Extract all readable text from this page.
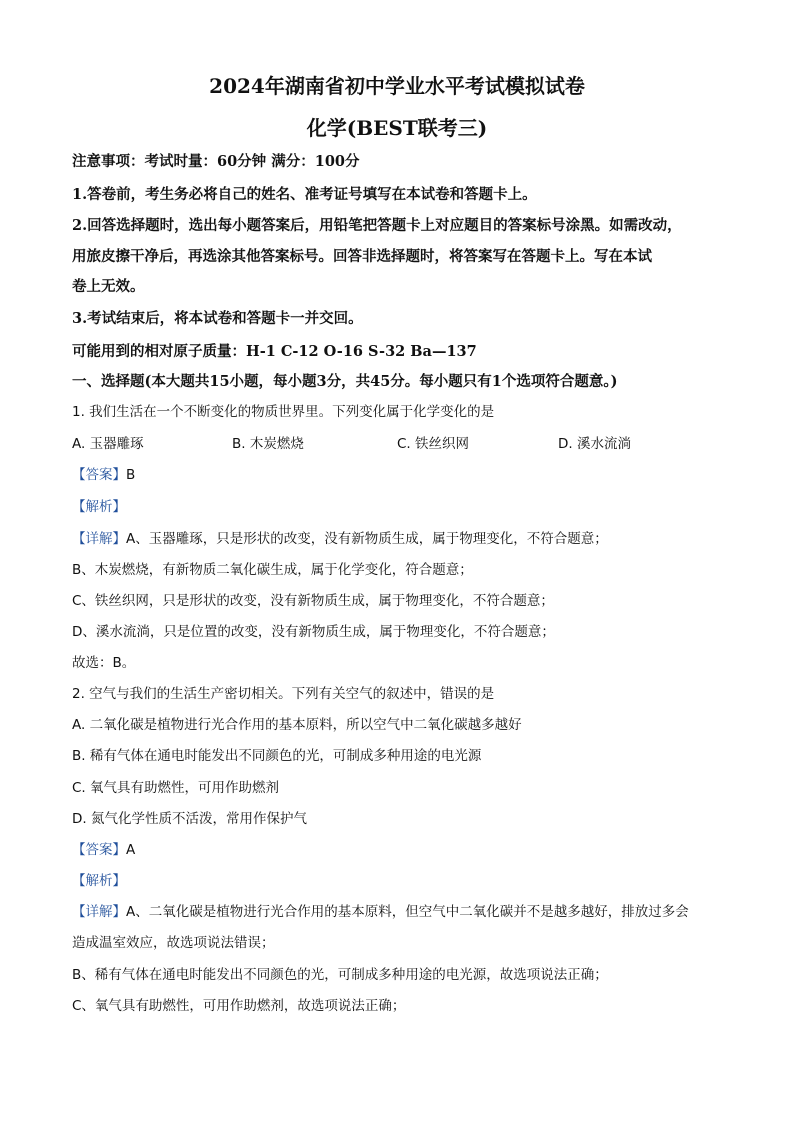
2024年湖南省初中学业水平考试模拟试卷
化学(BEST联考三)
注意事项：考试时量：60分钟 满分：100分
1.答卷前，考生务必将自己的姓名、准考证号填写在本试卷和答题卡上。
2.回答选择题时，选出每小题答案后，用铅笔把答题卡上对应题目的答案标号涂黑。如需改动，
用旅皮擦干净后，再选涂其他答案标号。回答非选择题时，将答案写在答题卡上。写在本试
卷上无效。
3.考试结束后，将本试卷和答题卡一并交回。
可能用到的相对原子质量：H-1 C-12 O-16 S-32 Ba—137
一、选择题(本大题共15小题，每小题3分，共45分。每小题只有1个选项符合题意。)
1. 我们生活在一个不断变化的物质世界里。下列变化属于化学变化的是
A. 玉器雕琢	B. 木炭燃烧	C. 铁丝织网	D. 溪水流淌
【答案】B
【解析】
【详解】A、玉器雕琢，只是形状的改变，没有新物质生成，属于物理变化，不符合题意；
B、木炭燃烧，有新物质二氧化碳生成，属于化学变化，符合题意；
C、铁丝织网，只是形状的改变，没有新物质生成，属于物理变化，不符合题意；
D、溪水流淌，只是位置的改变，没有新物质生成，属于物理变化，不符合题意；
故选：B。
2. 空气与我们的生活生产密切相关。下列有关空气的叙述中，错误的是
A. 二氧化碳是植物进行光合作用的基本原料，所以空气中二氧化碳越多越好
B. 稀有气体在通电时能发出不同颜色的光，可制成多种用途的电光源
C. 氧气具有助燃性，可用作助燃剂
D. 氮气化学性质不活泼，常用作保护气
【答案】A
【解析】
【详解】A、二氧化碳是植物进行光合作用的基本原料，但空气中二氧化碳并不是越多越好，排放过多会
造成温室效应，故选项说法错误；
B、稀有气体在通电时能发出不同颜色的光，可制成多种用途的电光源，故选项说法正确；
C、氧气具有助燃性，可用作助燃剂，故选项说法正确；
